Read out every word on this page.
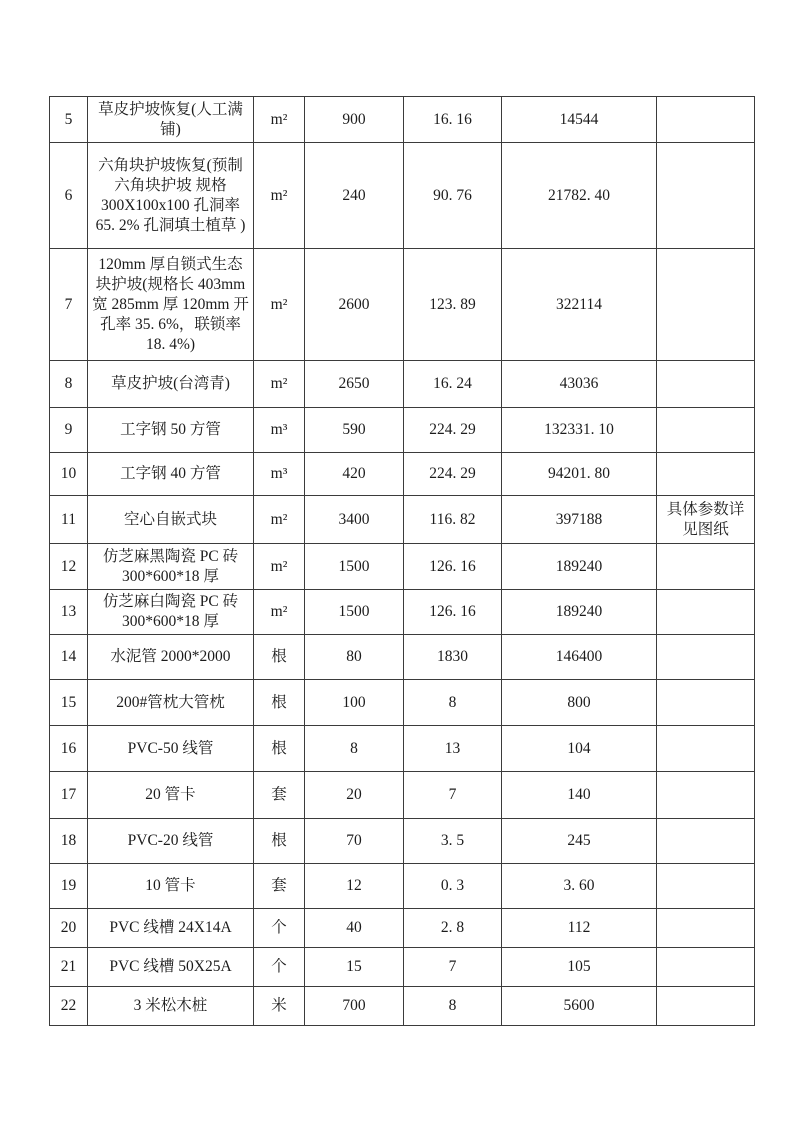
5	草皮护坡恢复(人工满铺)	m²	900	16. 16	14544	
6	六角块护坡恢复(预制六角块护坡 规格 300X100x100 孔洞率 65. 2% 孔洞填土植草 )	m²	240	90. 76	21782. 40	
7	120mm 厚自锁式生态块护坡(规格长 403mm 宽 285mm 厚 120mm 开孔率 35. 6%，联锁率 18. 4%)	m²	2600	123. 89	322114	
8	草皮护坡(台湾青)	m²	2650	16. 24	43036	
9	工字钢 50 方管	m³	590	224. 29	132331. 10	
10	工字钢 40 方管	m³	420	224. 29	94201. 80	
11	空心自嵌式块	m²	3400	116. 82	397188	具体参数详见图纸
12	仿芝麻黑陶瓷 PC 砖 300*600*18 厚	m²	1500	126. 16	189240	
13	仿芝麻白陶瓷 PC 砖 300*600*18 厚	m²	1500	126. 16	189240	
14	水泥管 2000*2000	根	80	1830	146400	
15	200#管枕大管枕	根	100	8	800	
16	PVC-50 线管	根	8	13	104	
17	20 管卡	套	20	7	140	
18	PVC-20 线管	根	70	3. 5	245	
19	10 管卡	套	12	0. 3	3. 60	
20	PVC 线槽 24X14A	个	40	2. 8	112	
21	PVC 线槽 50X25A	个	15	7	105	
22	3 米松木桩	米	700	8	5600	
